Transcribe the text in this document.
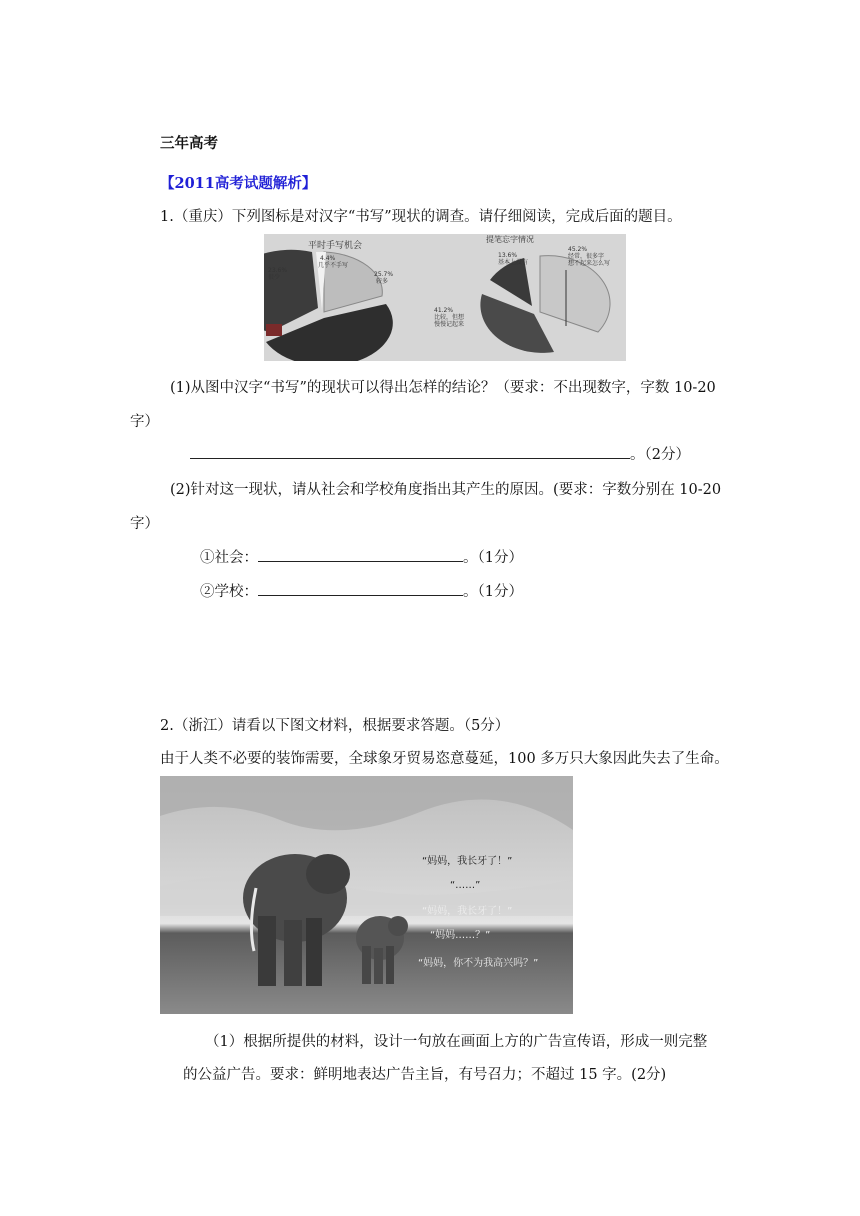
三年高考
【2011高考试题解析】
1.（重庆）下列图标是对汉字“书写”现状的调查。请仔细阅读，完成后面的题目。
平时手写机会
4.4%
几乎不手写
23.6%
很少	25.7%
较多
提笔忘字情况
13.6%
基本上没有
45.2%
经常，很多字
想不起来怎么写
41.2%
比较，但想
慢慢记起来
(1)从图中汉字“书写”的现状可以得出怎样的结论？（要求：不出现数字，字数 10-20
字）
。（2分）
(2)针对这一现状，请从社会和学校角度指出其产生的原因。(要求：字数分别在 10-20
字）
①社会：	。（1分）
②学校：	。（1分）
2.（浙江）请看以下图文材料，根据要求答题。（5分）
由于人类不必要的装饰需要，全球象牙贸易恣意蔓延，100 多万只大象因此失去了生命。
“妈妈，我长牙了！”
“……”
“妈妈，我长牙了！”
“妈妈……？”
“妈妈，你不为我高兴吗？”
（1）根据所提供的材料，设计一句放在画面上方的广告宣传语，形成一则完整
的公益广告。要求：鲜明地表达广告主旨，有号召力；不超过 15 字。(2分)
